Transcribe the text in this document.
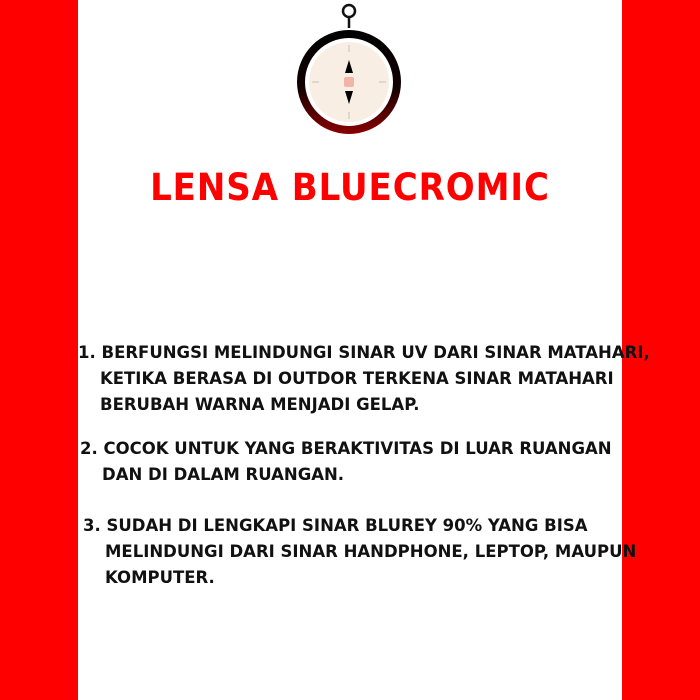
LENSA BLUECROMIC
1. BERFUNGSI MELINDUNGI SINAR UV DARI SINAR MATAHARI,
KETIKA BERASA DI OUTDOR TERKENA SINAR MATAHARI
BERUBAH WARNA MENJADI GELAP.
2. COCOK UNTUK YANG BERAKTIVITAS DI LUAR RUANGAN
DAN DI DALAM RUANGAN.
3. SUDAH DI LENGKAPI SINAR BLUREY 90% YANG BISA
MELINDUNGI DARI SINAR HANDPHONE, LEPTOP, MAUPUN
KOMPUTER.
